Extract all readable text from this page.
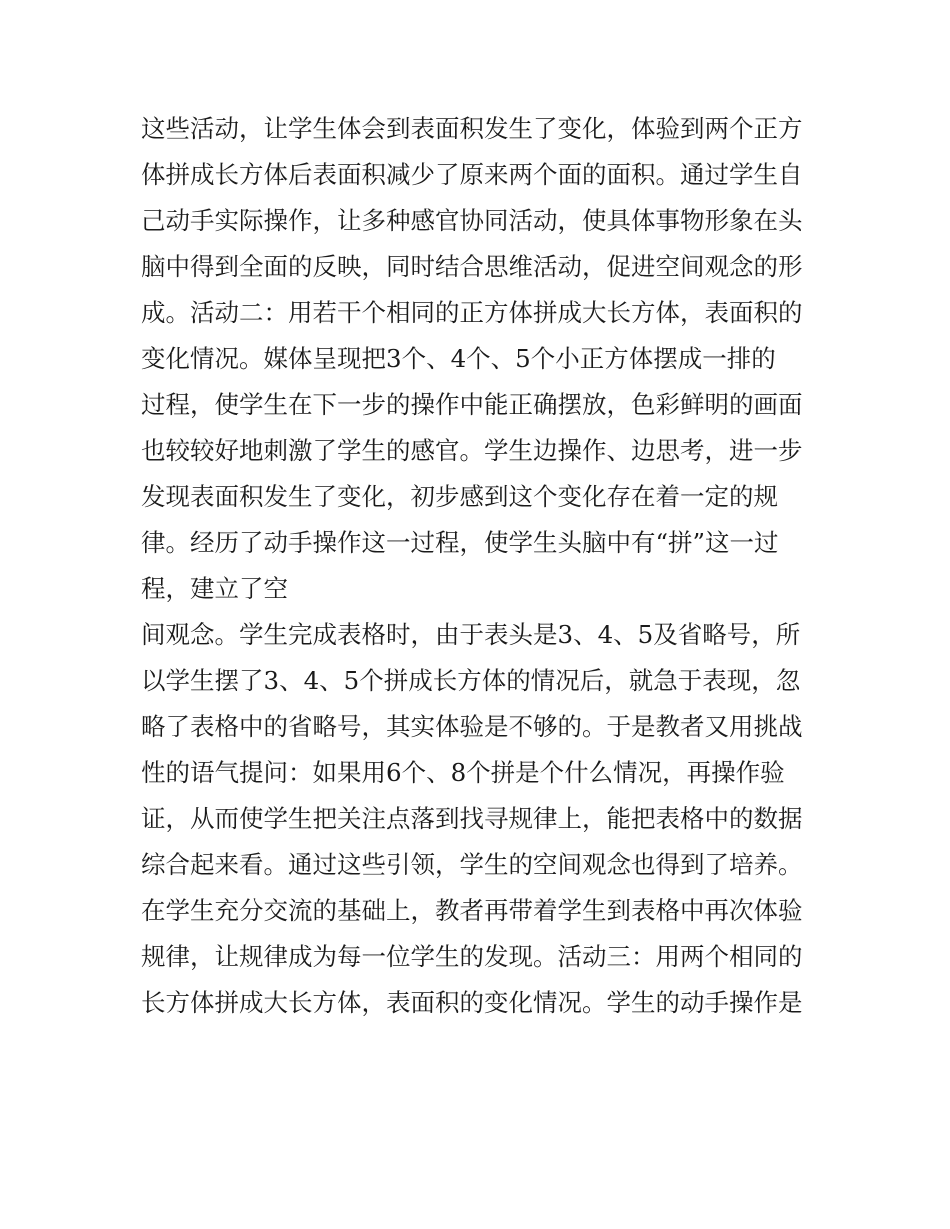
这些活动，让学生体会到表面积发生了变化，体验到两个正方
体拼成长方体后表面积减少了原来两个面的面积。通过学生自
己动手实际操作，让多种感官协同活动，使具体事物形象在头
脑中得到全面的反映，同时结合思维活动，促进空间观念的形
成。活动二：用若干个相同的正方体拼成大长方体，表面积的
变化情况。媒体呈现把3个、4个、5个小正方体摆成一排的
过程，使学生在下一步的操作中能正确摆放，色彩鲜明的画面
也较较好地刺激了学生的感官。学生边操作、边思考，进一步
发现表面积发生了变化，初步感到这个变化存在着一定的规
律。经历了动手操作这一过程，使学生头脑中有“拼”这一过
程，建立了空
间观念。学生完成表格时，由于表头是3、4、5及省略号，所
以学生摆了3、4、5个拼成长方体的情况后，就急于表现，忽
略了表格中的省略号，其实体验是不够的。于是教者又用挑战
性的语气提问：如果用6个、8个拼是个什么情况，再操作验
证，从而使学生把关注点落到找寻规律上，能把表格中的数据
综合起来看。通过这些引领，学生的空间观念也得到了培养。
在学生充分交流的基础上，教者再带着学生到表格中再次体验
规律，让规律成为每一位学生的发现。活动三：用两个相同的
长方体拼成大长方体，表面积的变化情况。学生的动手操作是
